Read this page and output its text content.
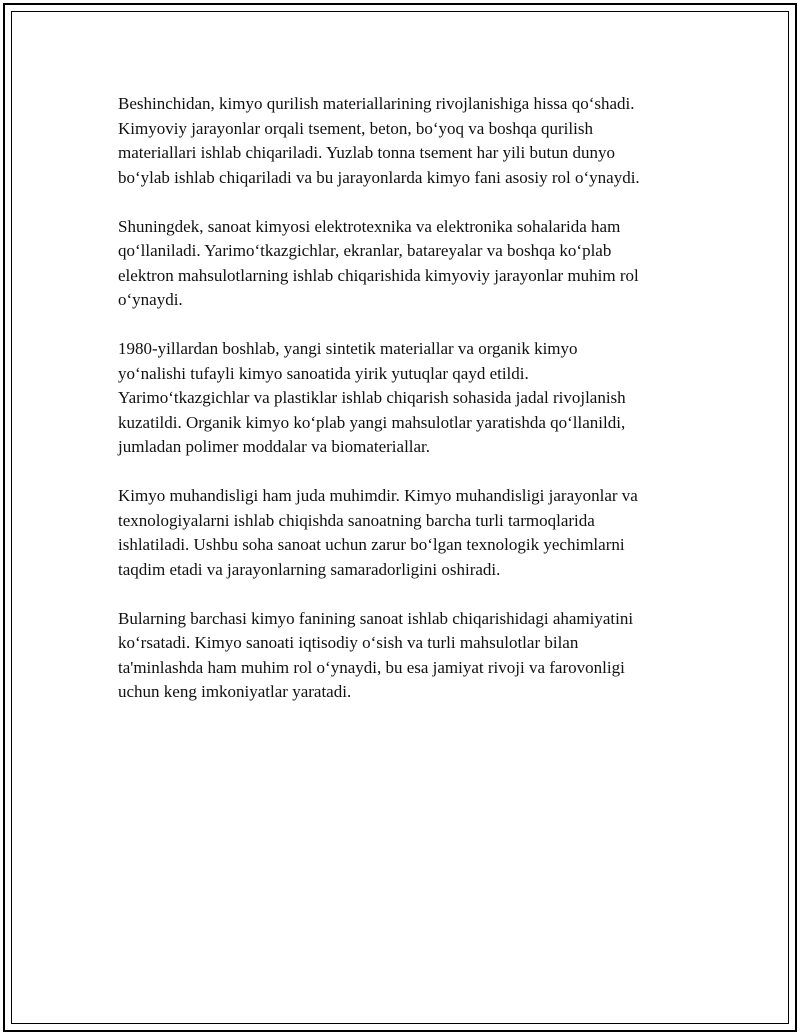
Beshinchidan, kimyo qurilish materiallarining rivojlanishiga hissa qo‘shadi.
Kimyoviy jarayonlar orqali tsement, beton, bo‘yoq va boshqa qurilish
materiallari ishlab chiqariladi. Yuzlab tonna tsement har yili butun dunyo
bo‘ylab ishlab chiqariladi va bu jarayonlarda kimyo fani asosiy rol o‘ynaydi.

Shuningdek, sanoat kimyosi elektrotexnika va elektronika sohalarida ham
qo‘llaniladi. Yarimo‘tkazgichlar, ekranlar, batareyalar va boshqa ko‘plab
elektron mahsulotlarning ishlab chiqarishida kimyoviy jarayonlar muhim rol
o‘ynaydi.

1980-yillardan boshlab, yangi sintetik materiallar va organik kimyo
yo‘nalishi tufayli kimyo sanoatida yirik yutuqlar qayd etildi.
Yarimo‘tkazgichlar va plastiklar ishlab chiqarish sohasida jadal rivojlanish
kuzatildi. Organik kimyo ko‘plab yangi mahsulotlar yaratishda qo‘llanildi,
jumladan polimer moddalar va biomateriallar.

Kimyo muhandisligi ham juda muhimdir. Kimyo muhandisligi jarayonlar va
texnologiyalarni ishlab chiqishda sanoatning barcha turli tarmoqlarida
ishlatiladi. Ushbu soha sanoat uchun zarur bo‘lgan texnologik yechimlarni
taqdim etadi va jarayonlarning samaradorligini oshiradi.

Bularning barchasi kimyo fanining sanoat ishlab chiqarishidagi ahamiyatini
ko‘rsatadi. Kimyo sanoati iqtisodiy o‘sish va turli mahsulotlar bilan
ta'minlashda ham muhim rol o‘ynaydi, bu esa jamiyat rivoji va farovonligi
uchun keng imkoniyatlar yaratadi.
